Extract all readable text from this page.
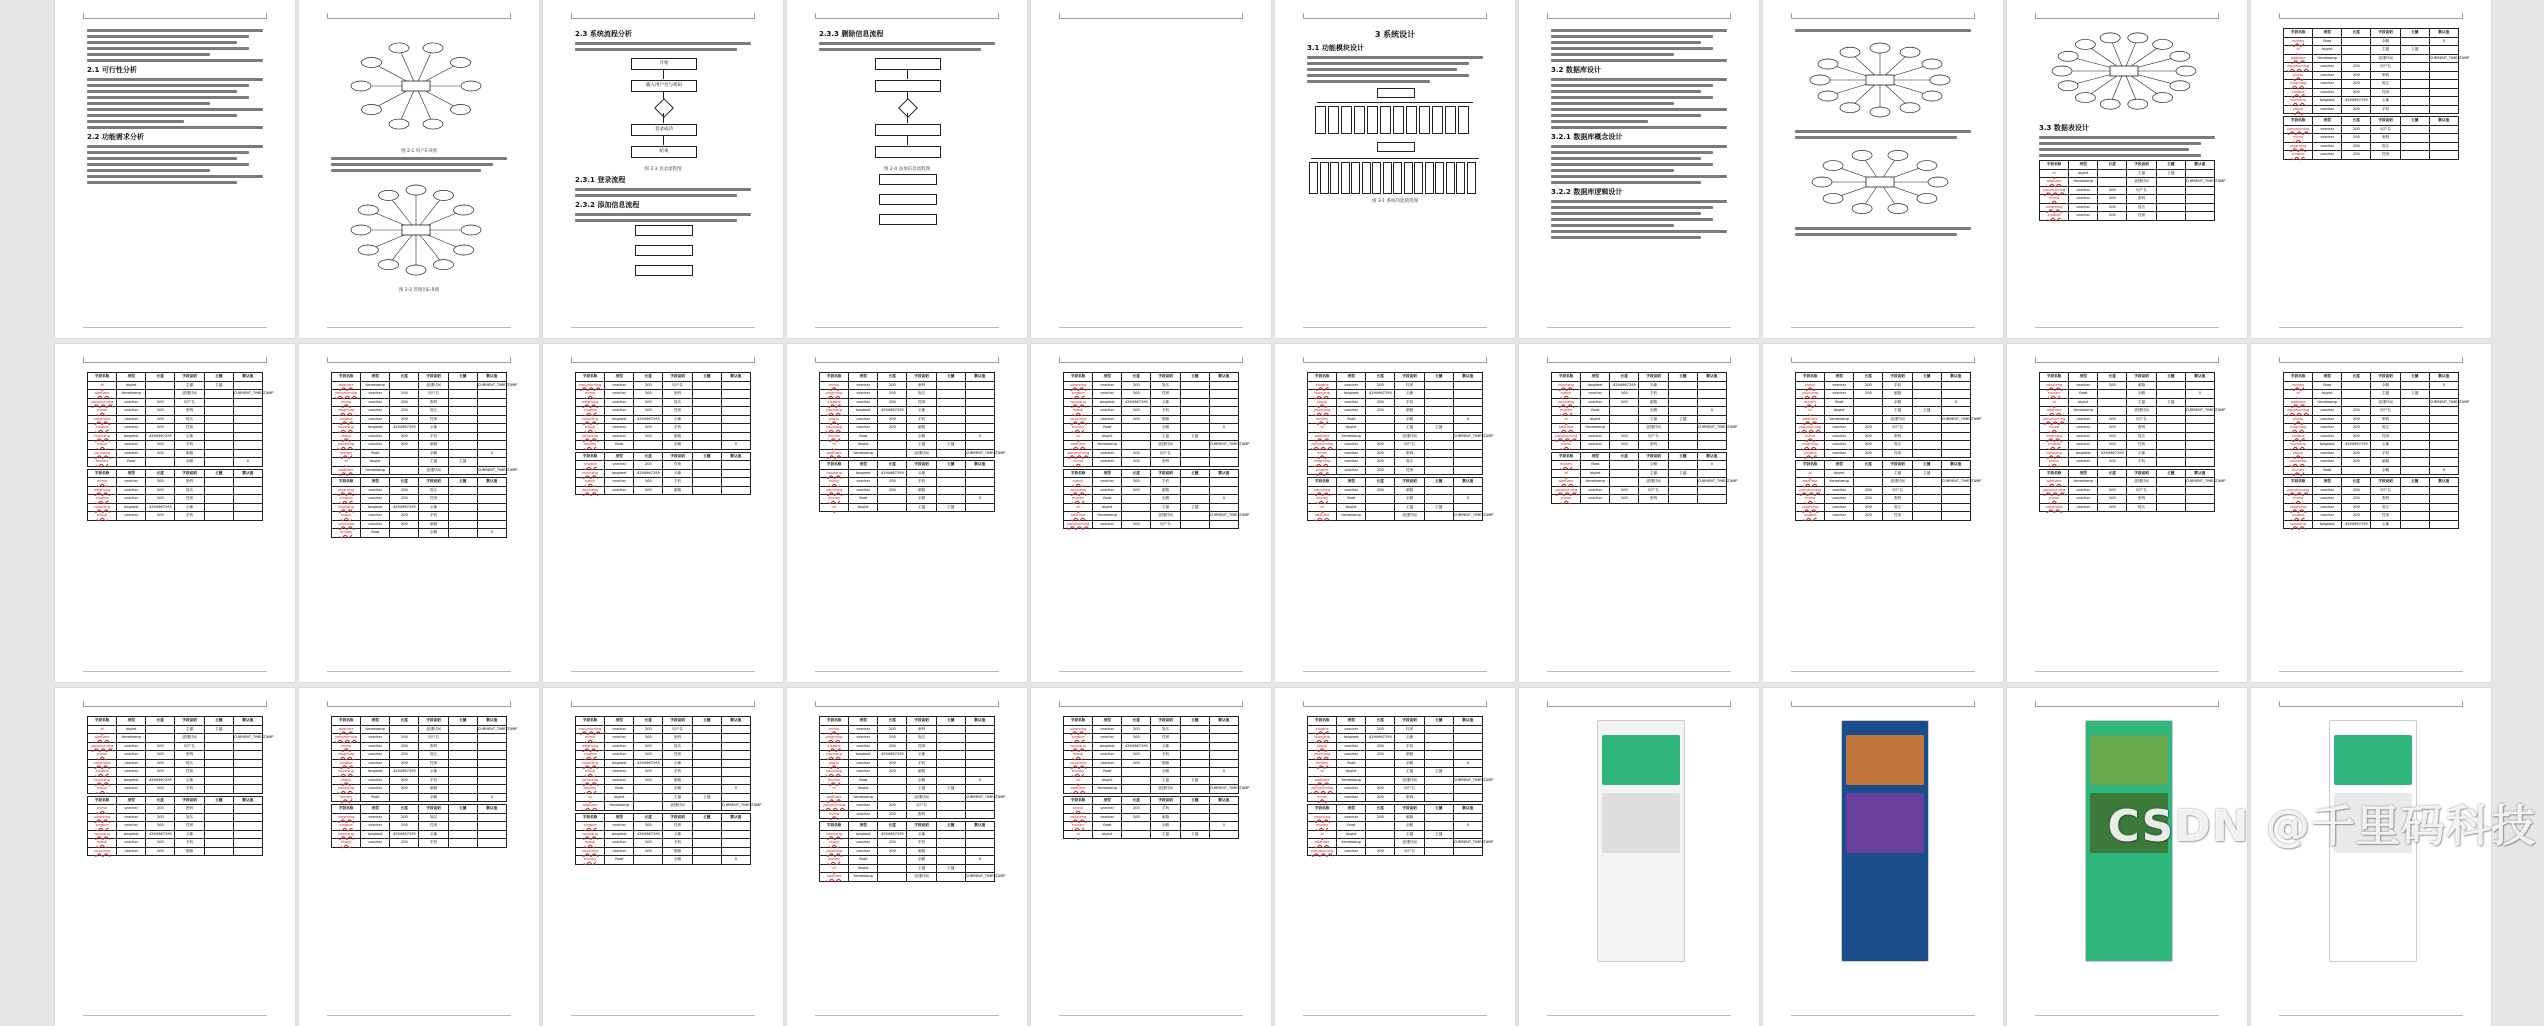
2.1 可行性分析
2.2 功能需求分析
图 2-1 用户E-R图
图 2-2 管理员E-R图
2.3 系统流程分析
开始
输入用户名与密码
登录成功
结束
图 2-3 登录流程图
2.3.1 登录流程
2.3.2 添加信息流程
2.3.3 删除信息流程
图 2-4 添加信息流程图
3 系统设计
3.1 功能模块设计
图 3-1 系统功能模块图
3.2 数据库设计
3.2.1 数据库概念设计
3.2.2 数据库逻辑设计
3.3 数据表设计
字段名称	类型	长度	字段说明	主键	默认值
id	bigint		主键	主键	
addtime	timestamp		创建时间		CURRENT_TIMESTAMP
yonghuming	varchar	200	用户名		
mima	varchar	200	密码		
xingming	varchar	200	姓名		
xingbie	varchar	200	性别		
字段名称	类型	长度	字段说明	主键	默认值
money	float		余额		0
id	bigint		主键	主键	
addtime	timestamp		创建时间		CURRENT_TIMESTAMP
yonghuming	varchar	200	用户名		
mima	varchar	200	密码		
xingming	varchar	200	姓名		
xingbie	varchar	200	性别		
touxiang	longtext	4294967295	头像		
shouji	varchar	200	手机		
字段名称	类型	长度	字段说明	主键	默认值
yonghuming	varchar	200	用户名		
mima	varchar	200	密码		
xingming	varchar	200	姓名		
xingbie	varchar	200	性别		
字段名称	类型	长度	字段说明	主键	默认值
id	bigint		主键	主键	
addtime	timestamp		创建时间		CURRENT_TIMESTAMP
yonghuming	varchar	200	用户名		
mima	varchar	200	密码		
xingming	varchar	200	姓名		
xingbie	varchar	200	性别		
touxiang	longtext	4294967295	头像		
shouji	varchar	200	手机		
youxiang	varchar	200	邮箱		
money	float		余额		0
字段名称	类型	长度	字段说明	主键	默认值
mima	varchar	200	密码		
xingming	varchar	200	姓名		
xingbie	varchar	200	性别		
touxiang	longtext	4294967295	头像		
shouji	varchar	200	手机		
字段名称	类型	长度	字段说明	主键	默认值
addtime	timestamp		创建时间		CURRENT_TIMESTAMP
yonghuming	varchar	200	用户名		
mima	varchar	200	密码		
xingming	varchar	200	姓名		
xingbie	varchar	200	性别		
touxiang	longtext	4294967295	头像		
shouji	varchar	200	手机		
youxiang	varchar	200	邮箱		
money	float		余额		0
id	bigint		主键	主键	
addtime	timestamp		创建时间		CURRENT_TIMESTAMP
字段名称	类型	长度	字段说明	主键	默认值
xingming	varchar	200	姓名		
xingbie	varchar	200	性别		
touxiang	longtext	4294967295	头像		
shouji	varchar	200	手机		
youxiang	varchar	200	邮箱		
money	float		余额		0
字段名称	类型	长度	字段说明	主键	默认值
yonghuming	varchar	200	用户名		
mima	varchar	200	密码		
xingming	varchar	200	姓名		
xingbie	varchar	200	性别		
touxiang	longtext	4294967295	头像		
shouji	varchar	200	手机		
youxiang	varchar	200	邮箱		
money	float		余额		0
字段名称	类型	长度	字段说明	主键	默认值
xingbie	varchar	200	性别		
touxiang	longtext	4294967295	头像		
shouji	varchar	200	手机		
youxiang	varchar	200	邮箱		
字段名称	类型	长度	字段说明	主键	默认值
mima	varchar	200	密码		
xingming	varchar	200	姓名		
xingbie	varchar	200	性别		
touxiang	longtext	4294967295	头像		
shouji	varchar	200	手机		
youxiang	varchar	200	邮箱		
money	float		余额		0
id	bigint		主键	主键	
addtime	timestamp		创建时间		CURRENT_TIMESTAMP
字段名称	类型	长度	字段说明	主键	默认值
touxiang	longtext	4294967295	头像		
shouji	varchar	200	手机		
youxiang	varchar	200	邮箱		
money	float		余额		0
id	bigint		主键	主键	
字段名称	类型	长度	字段说明	主键	默认值
xingming	varchar	200	姓名		
xingbie	varchar	200	性别		
touxiang	longtext	4294967295	头像		
shouji	varchar	200	手机		
youxiang	varchar	200	邮箱		
money	float		余额		0
id	bigint		主键	主键	
addtime	timestamp		创建时间		CURRENT_TIMESTAMP
yonghuming	varchar	200	用户名		
mima	varchar	200	密码		
字段名称	类型	长度	字段说明	主键	默认值
shouji	varchar	200	手机		
youxiang	varchar	200	邮箱		
money	float		余额		0
id	bigint		主键	主键	
addtime	timestamp		创建时间		CURRENT_TIMESTAMP
yonghuming	varchar	200	用户名		
字段名称	类型	长度	字段说明	主键	默认值
xingbie	varchar	200	性别		
touxiang	longtext	4294967295	头像		
shouji	varchar	200	手机		
youxiang	varchar	200	邮箱		
money	float		余额		0
id	bigint		主键	主键	
addtime	timestamp		创建时间		CURRENT_TIMESTAMP
yonghuming	varchar	200	用户名		
mima	varchar	200	密码		
xingming	varchar	200	姓名		
xingbie	varchar	200	性别		
字段名称	类型	长度	字段说明	主键	默认值
youxiang	varchar	200	邮箱		
money	float		余额		0
id	bigint		主键	主键	
addtime	timestamp		创建时间		CURRENT_TIMESTAMP
字段名称	类型	长度	字段说明	主键	默认值
touxiang	longtext	4294967295	头像		
shouji	varchar	200	手机		
youxiang	varchar	200	邮箱		
money	float		余额		0
id	bigint		主键	主键	
addtime	timestamp		创建时间		CURRENT_TIMESTAMP
yonghuming	varchar	200	用户名		
mima	varchar	200	密码		
字段名称	类型	长度	字段说明	主键	默认值
money	float		余额		0
id	bigint		主键	主键	
addtime	timestamp		创建时间		CURRENT_TIMESTAMP
yonghuming	varchar	200	用户名		
mima	varchar	200	密码		
字段名称	类型	长度	字段说明	主键	默认值
shouji	varchar	200	手机		
youxiang	varchar	200	邮箱		
money	float		余额		0
id	bigint		主键	主键	
addtime	timestamp		创建时间		CURRENT_TIMESTAMP
yonghuming	varchar	200	用户名		
mima	varchar	200	密码		
xingming	varchar	200	姓名		
xingbie	varchar	200	性别		
字段名称	类型	长度	字段说明	主键	默认值
id	bigint		主键	主键	
addtime	timestamp		创建时间		CURRENT_TIMESTAMP
yonghuming	varchar	200	用户名		
mima	varchar	200	密码		
xingming	varchar	200	姓名		
xingbie	varchar	200	性别		
字段名称	类型	长度	字段说明	主键	默认值
youxiang	varchar	200	邮箱		
money	float		余额		0
id	bigint		主键	主键	
addtime	timestamp		创建时间		CURRENT_TIMESTAMP
yonghuming	varchar	200	用户名		
mima	varchar	200	密码		
xingming	varchar	200	姓名		
xingbie	varchar	200	性别		
touxiang	longtext	4294967295	头像		
shouji	varchar	200	手机		
字段名称	类型	长度	字段说明	主键	默认值
addtime	timestamp		创建时间		CURRENT_TIMESTAMP
yonghuming	varchar	200	用户名		
mima	varchar	200	密码		
xingming	varchar	200	姓名		
字段名称	类型	长度	字段说明	主键	默认值
money	float		余额		0
id	bigint		主键	主键	
addtime	timestamp		创建时间		CURRENT_TIMESTAMP
yonghuming	varchar	200	用户名		
mima	varchar	200	密码		
xingming	varchar	200	姓名		
xingbie	varchar	200	性别		
touxiang	longtext	4294967295	头像		
shouji	varchar	200	手机		
youxiang	varchar	200	邮箱		
money	float		余额		0
字段名称	类型	长度	字段说明	主键	默认值
yonghuming	varchar	200	用户名		
mima	varchar	200	密码		
xingming	varchar	200	姓名		
xingbie	varchar	200	性别		
touxiang	longtext	4294967295	头像		
字段名称	类型	长度	字段说明	主键	默认值
id	bigint		主键	主键	
addtime	timestamp		创建时间		CURRENT_TIMESTAMP
yonghuming	varchar	200	用户名		
mima	varchar	200	密码		
xingming	varchar	200	姓名		
xingbie	varchar	200	性别		
touxiang	longtext	4294967295	头像		
shouji	varchar	200	手机		
字段名称	类型	长度	字段说明	主键	默认值
mima	varchar	200	密码		
xingming	varchar	200	姓名		
xingbie	varchar	200	性别		
touxiang	longtext	4294967295	头像		
shouji	varchar	200	手机		
youxiang	varchar	200	邮箱		
字段名称	类型	长度	字段说明	主键	默认值
addtime	timestamp		创建时间		CURRENT_TIMESTAMP
yonghuming	varchar	200	用户名		
mima	varchar	200	密码		
xingming	varchar	200	姓名		
xingbie	varchar	200	性别		
touxiang	longtext	4294967295	头像		
shouji	varchar	200	手机		
youxiang	varchar	200	邮箱		
money	float		余额		0
字段名称	类型	长度	字段说明	主键	默认值
xingming	varchar	200	姓名		
xingbie	varchar	200	性别		
touxiang	longtext	4294967295	头像		
shouji	varchar	200	手机		
字段名称	类型	长度	字段说明	主键	默认值
yonghuming	varchar	200	用户名		
mima	varchar	200	密码		
xingming	varchar	200	姓名		
xingbie	varchar	200	性别		
touxiang	longtext	4294967295	头像		
shouji	varchar	200	手机		
youxiang	varchar	200	邮箱		
money	float		余额		0
id	bigint		主键	主键	
addtime	timestamp		创建时间		CURRENT_TIMESTAMP
字段名称	类型	长度	字段说明	主键	默认值
xingbie	varchar	200	性别		
touxiang	longtext	4294967295	头像		
shouji	varchar	200	手机		
youxiang	varchar	200	邮箱		
money	float		余额		0
字段名称	类型	长度	字段说明	主键	默认值
mima	varchar	200	密码		
xingming	varchar	200	姓名		
xingbie	varchar	200	性别		
touxiang	longtext	4294967295	头像		
shouji	varchar	200	手机		
youxiang	varchar	200	邮箱		
money	float		余额		0
id	bigint		主键	主键	
addtime	timestamp		创建时间		CURRENT_TIMESTAMP
yonghuming	varchar	200	用户名		
mima	varchar	200	密码		
字段名称	类型	长度	字段说明	主键	默认值
touxiang	longtext	4294967295	头像		
shouji	varchar	200	手机		
youxiang	varchar	200	邮箱		
money	float		余额		0
id	bigint		主键	主键	
addtime	timestamp		创建时间		CURRENT_TIMESTAMP
字段名称	类型	长度	字段说明	主键	默认值
xingming	varchar	200	姓名		
xingbie	varchar	200	性别		
touxiang	longtext	4294967295	头像		
shouji	varchar	200	手机		
youxiang	varchar	200	邮箱		
money	float		余额		0
id	bigint		主键	主键	
addtime	timestamp		创建时间		CURRENT_TIMESTAMP
字段名称	类型	长度	字段说明	主键	默认值
shouji	varchar	200	手机		
youxiang	varchar	200	邮箱		
money	float		余额		0
id	bigint		主键	主键	
字段名称	类型	长度	字段说明	主键	默认值
xingbie	varchar	200	性别		
touxiang	longtext	4294967295	头像		
shouji	varchar	200	手机		
youxiang	varchar	200	邮箱		
money	float		余额		0
id	bigint		主键	主键	
addtime	timestamp		创建时间		CURRENT_TIMESTAMP
yonghuming	varchar	200	用户名		
mima	varchar	200	密码		
字段名称	类型	长度	字段说明	主键	默认值
youxiang	varchar	200	邮箱		
money	float		余额		0
id	bigint		主键	主键	
addtime	timestamp		创建时间		CURRENT_TIMESTAMP
yonghuming	varchar	200	用户名			CSDN @千里码科技
